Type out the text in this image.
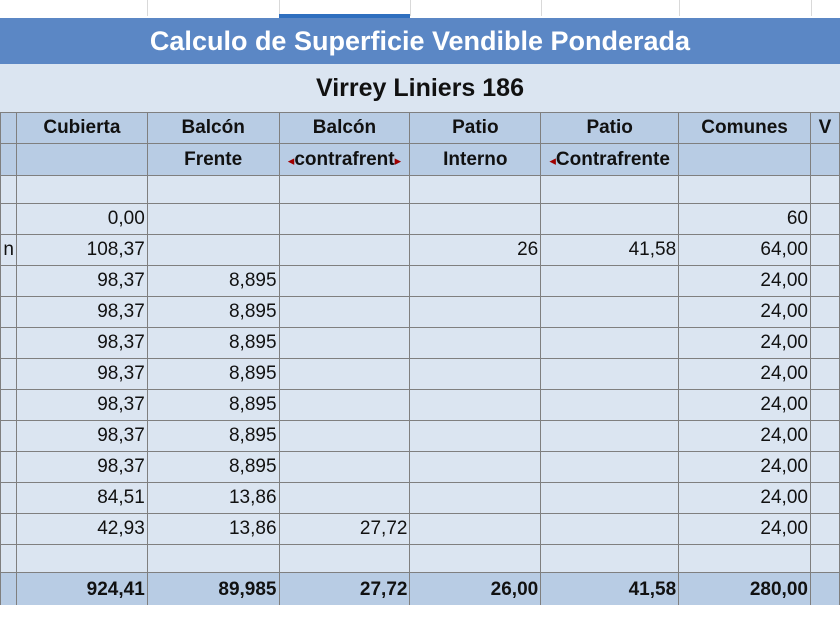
Calculo de Superficie Vendible Ponderada
Virrey Liniers 186
	Cubierta	Balcón	Balcón	Patio	Patio	Comunes	V
		Frente	◂contrafrent▸	Interno	◂Contrafrente		

	0,00					60	
n	108,37			26	41,58	64,00	
	98,37	8,895				24,00	
	98,37	8,895				24,00	
	98,37	8,895				24,00	
	98,37	8,895				24,00	
	98,37	8,895				24,00	
	98,37	8,895				24,00	
	98,37	8,895				24,00	
	84,51	13,86				24,00	
	42,93	13,86	27,72			24,00	

	924,41	89,985	27,72	26,00	41,58	280,00	
